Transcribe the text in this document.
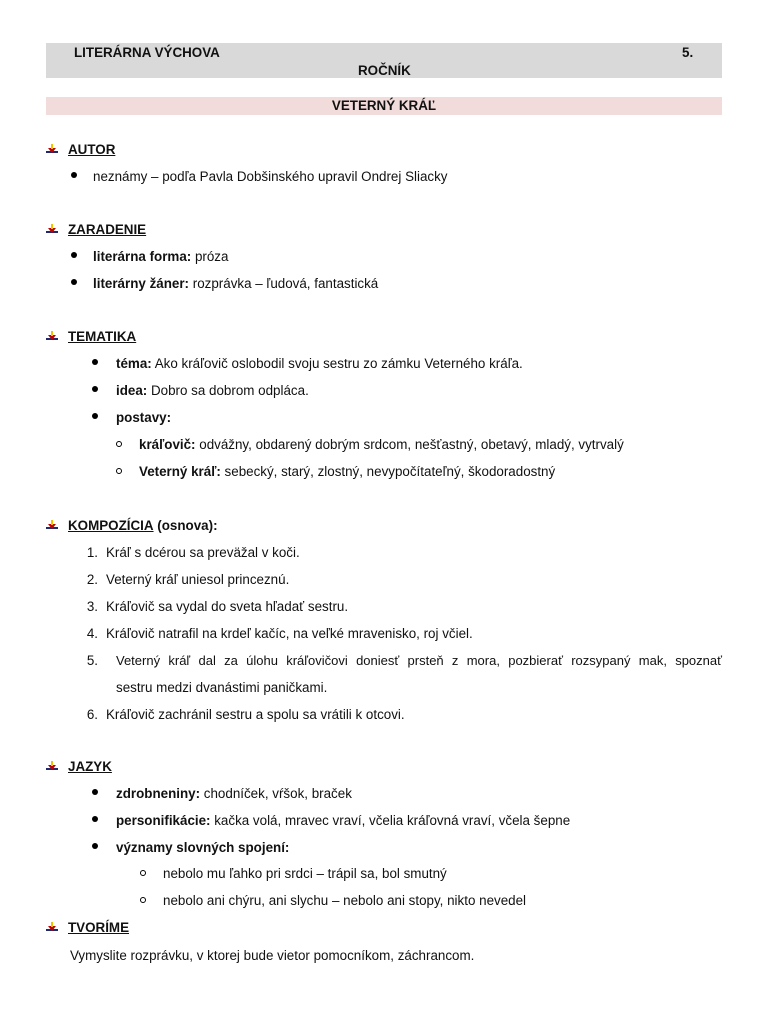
LITERÁRNA VÝCHOVA	5.
ROČNÍK
VETERNÝ KRÁĽ
AUTOR
neznámy – podľa Pavla Dobšinského upravil Ondrej Sliacky
ZARADENIE
literárna forma: próza
literárny žáner: rozprávka – ľudová, fantastická
TEMATIKA
téma: Ako kráľovič oslobodil svoju sestru zo zámku Veterného kráľa.
idea: Dobro sa dobrom odpláca.
postavy:
kráľovič: odvážny, obdarený dobrým srdcom, nešťastný, obetavý, mladý, vytrvalý
Veterný kráľ: sebecký, starý, zlostný, nevypočítateľný, škodoradostný
KOMPOZÍCIA (osnova):
1. Kráľ s dcérou sa preväžal v koči.
2. Veterný kráľ uniesol princeznú.
3. Kráľovič sa vydal do sveta hľadať sestru.
4. Kráľovič natrafil na krdeľ kačíc, na veľké mravenisko, roj včiel.
5. Veterný kráľ dal za úlohu kráľovičovi doniesť prsteň z mora, pozbierať rozsypaný mak, spoznať
sestru medzi dvanástimi paničkami.
6. Kráľovič zachránil sestru a spolu sa vrátili k otcovi.
JAZYK
zdrobneniny: chodníček, vŕšok, braček
personifikácie: kačka volá, mravec vraví, včelia kráľovná vraví, včela šepne
významy slovných spojení:
nebolo mu ľahko pri srdci – trápil sa, bol smutný
nebolo ani chýru, ani slychu – nebolo ani stopy, nikto nevedel
TVORÍME
Vymyslite rozprávku, v ktorej bude vietor pomocníkom, záchrancom.
